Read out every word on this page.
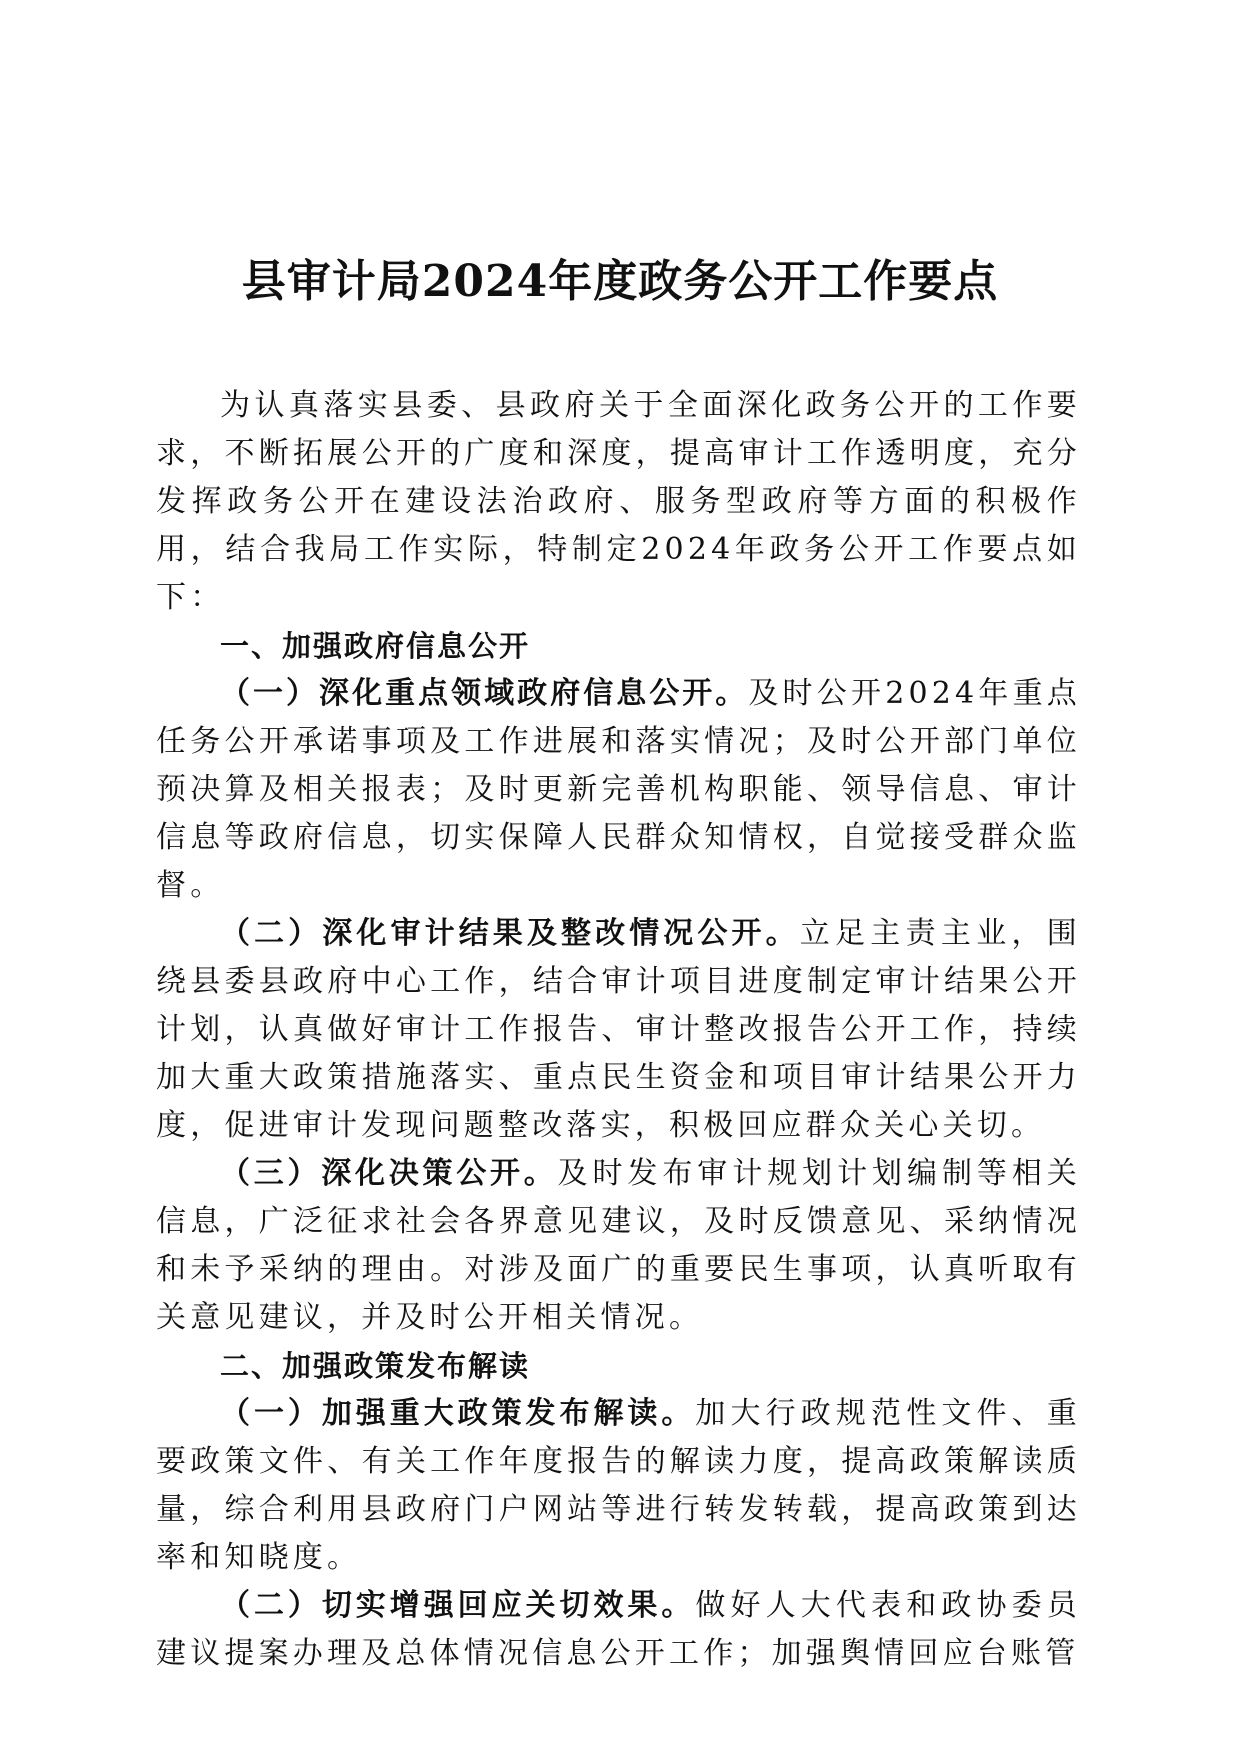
县审计局2024年度政务公开工作要点

为认真落实县委、县政府关于全面深化政务公开的工作要求，不断拓展公开的广度和深度，提高审计工作透明度，充分发挥政务公开在建设法治政府、服务型政府等方面的积极作用，结合我局工作实际，特制定2024年政务公开工作要点如下：

一、加强政府信息公开

（一）深化重点领域政府信息公开。及时公开2024年重点任务公开承诺事项及工作进展和落实情况；及时公开部门单位预决算及相关报表；及时更新完善机构职能、领导信息、审计信息等政府信息，切实保障人民群众知情权，自觉接受群众监督。

（二）深化审计结果及整改情况公开。立足主责主业，围绕县委县政府中心工作，结合审计项目进度制定审计结果公开计划，认真做好审计工作报告、审计整改报告公开工作，持续加大重大政策措施落实、重点民生资金和项目审计结果公开力度，促进审计发现问题整改落实，积极回应群众关心关切。

（三）深化决策公开。及时发布审计规划计划编制等相关信息，广泛征求社会各界意见建议，及时反馈意见、采纳情况和未予采纳的理由。对涉及面广的重要民生事项，认真听取有关意见建议，并及时公开相关情况。

二、加强政策发布解读

（一）加强重大政策发布解读。加大行政规范性文件、重要政策文件、有关工作年度报告的解读力度，提高政策解读质量，综合利用县政府门户网站等进行转发转载，提高政策到达率和知晓度。

（二）切实增强回应关切效果。做好人大代表和政协委员建议提案办理及总体情况信息公开工作；加强舆情回应台账管
